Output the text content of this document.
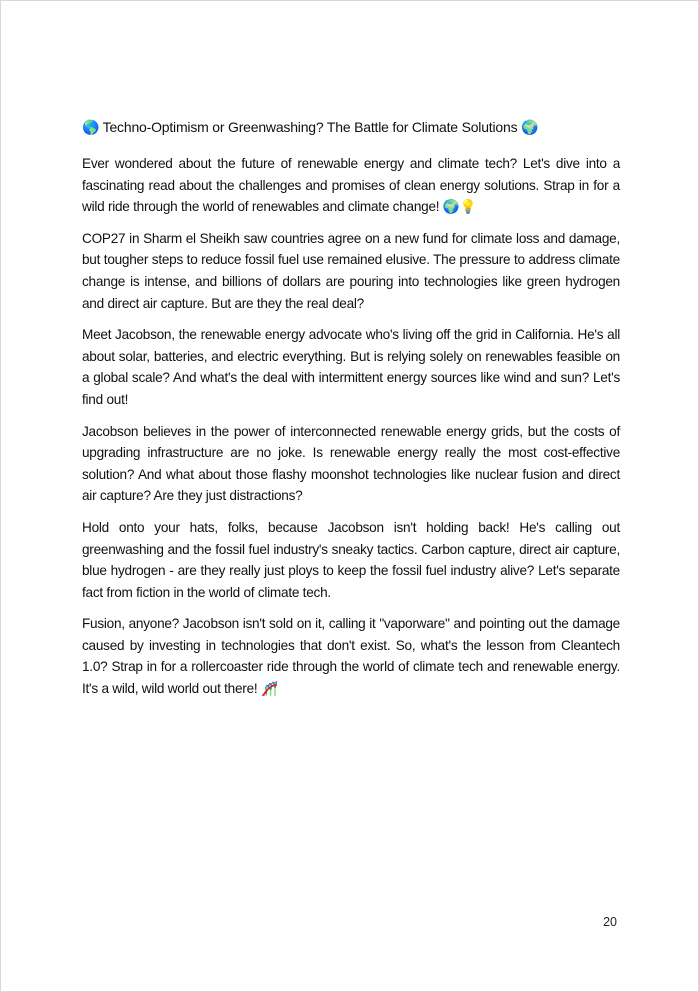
🌎 Techno-Optimism or Greenwashing? The Battle for Climate Solutions 🌍

Ever wondered about the future of renewable energy and climate tech? Let's dive into a fascinating read about the challenges and promises of clean energy solutions. Strap in for a wild ride through the world of renewables and climate change! 🌍💡

COP27 in Sharm el Sheikh saw countries agree on a new fund for climate loss and damage, but tougher steps to reduce fossil fuel use remained elusive. The pressure to address climate change is intense, and billions of dollars are pouring into technologies like green hydrogen and direct air capture. But are they the real deal?

Meet Jacobson, the renewable energy advocate who's living off the grid in California. He's all about solar, batteries, and electric everything. But is relying solely on renewables feasible on a global scale? And what's the deal with intermittent energy sources like wind and sun? Let's find out!

Jacobson believes in the power of interconnected renewable energy grids, but the costs of upgrading infrastructure are no joke. Is renewable energy really the most cost-effective solution? And what about those flashy moonshot technologies like nuclear fusion and direct air capture? Are they just distractions?

Hold onto your hats, folks, because Jacobson isn't holding back! He's calling out greenwashing and the fossil fuel industry's sneaky tactics. Carbon capture, direct air capture, blue hydrogen - are they really just ploys to keep the fossil fuel industry alive? Let's separate fact from fiction in the world of climate tech.

Fusion, anyone? Jacobson isn't sold on it, calling it "vaporware" and pointing out the damage caused by investing in technologies that don't exist. So, what's the lesson from Cleantech 1.0? Strap in for a rollercoaster ride through the world of climate tech and renewable energy. It's a wild, wild world out there! 🎢

20
